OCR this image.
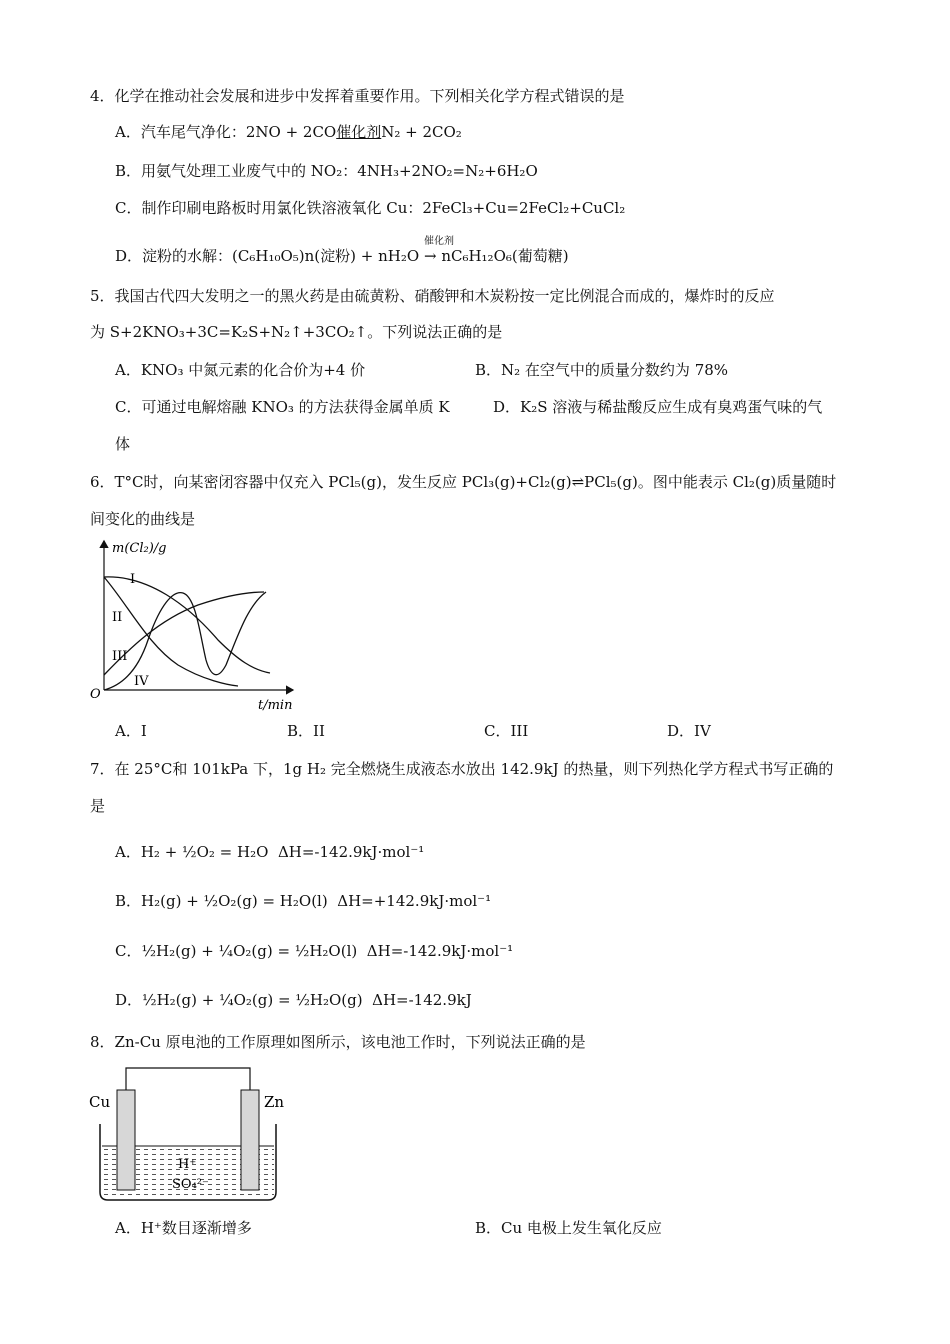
4．化学在推动社会发展和进步中发挥着重要作用。下列相关化学方程式错误的是
A．汽车尾气净化：2NO + 2CO催化剂N₂ + 2CO₂
B．用氨气处理工业废气中的 NO₂：4NH₃+2NO₂=N₂+6H₂O
C．制作印刷电路板时用氯化铁溶液氧化 Cu：2FeCl₃+Cu=2FeCl₂+CuCl₂
D．淀粉的水解：(C₆H₁₀O₅)n(淀粉) + nH₂O
催化剂
→ nC₆H₁₂O₆(葡萄糖)
5．我国古代四大发明之一的黑火药是由硫黄粉、硝酸钾和木炭粉按一定比例混合而成的，爆炸时的反应
为 S+2KNO₃+3C=K₂S+N₂↑+3CO₂↑。下列说法正确的是
A．KNO₃ 中氮元素的化合价为+4 价	B．N₂ 在空气中的质量分数约为 78%
C．可通过电解熔融 KNO₃ 的方法获得金属单质 K	D．K₂S 溶液与稀盐酸反应生成有臭鸡蛋气味的气
体
6．T°C时，向某密闭容器中仅充入 PCl₅(g)，发生反应 PCl₃(g)+Cl₂(g)⇌PCl₅(g)。图中能表示 Cl₂(g)质量随时
间变化的曲线是
m(Cl₂)/g
t/min
O
I
II
III
IV
A．I	B．II	C．III	D．IV
7．在 25°C和 101kPa 下，1g H₂ 完全燃烧生成液态水放出 142.9kJ 的热量，则下列热化学方程式书写正确的
是
A．H₂ + ½O₂ = H₂O ΔH=-142.9kJ·mol⁻¹
B．H₂(g) + ½O₂(g) = H₂O(l) ΔH=+142.9kJ·mol⁻¹
C．½H₂(g) + ¼O₂(g) = ½H₂O(l) ΔH=-142.9kJ·mol⁻¹
D．½H₂(g) + ¼O₂(g) = ½H₂O(g) ΔH=-142.9kJ
8．Zn-Cu 原电池的工作原理如图所示，该电池工作时，下列说法正确的是
Cu	Zn
H⁺
SO₄²⁻
A．H⁺数目逐渐增多	B．Cu 电极上发生氧化反应
